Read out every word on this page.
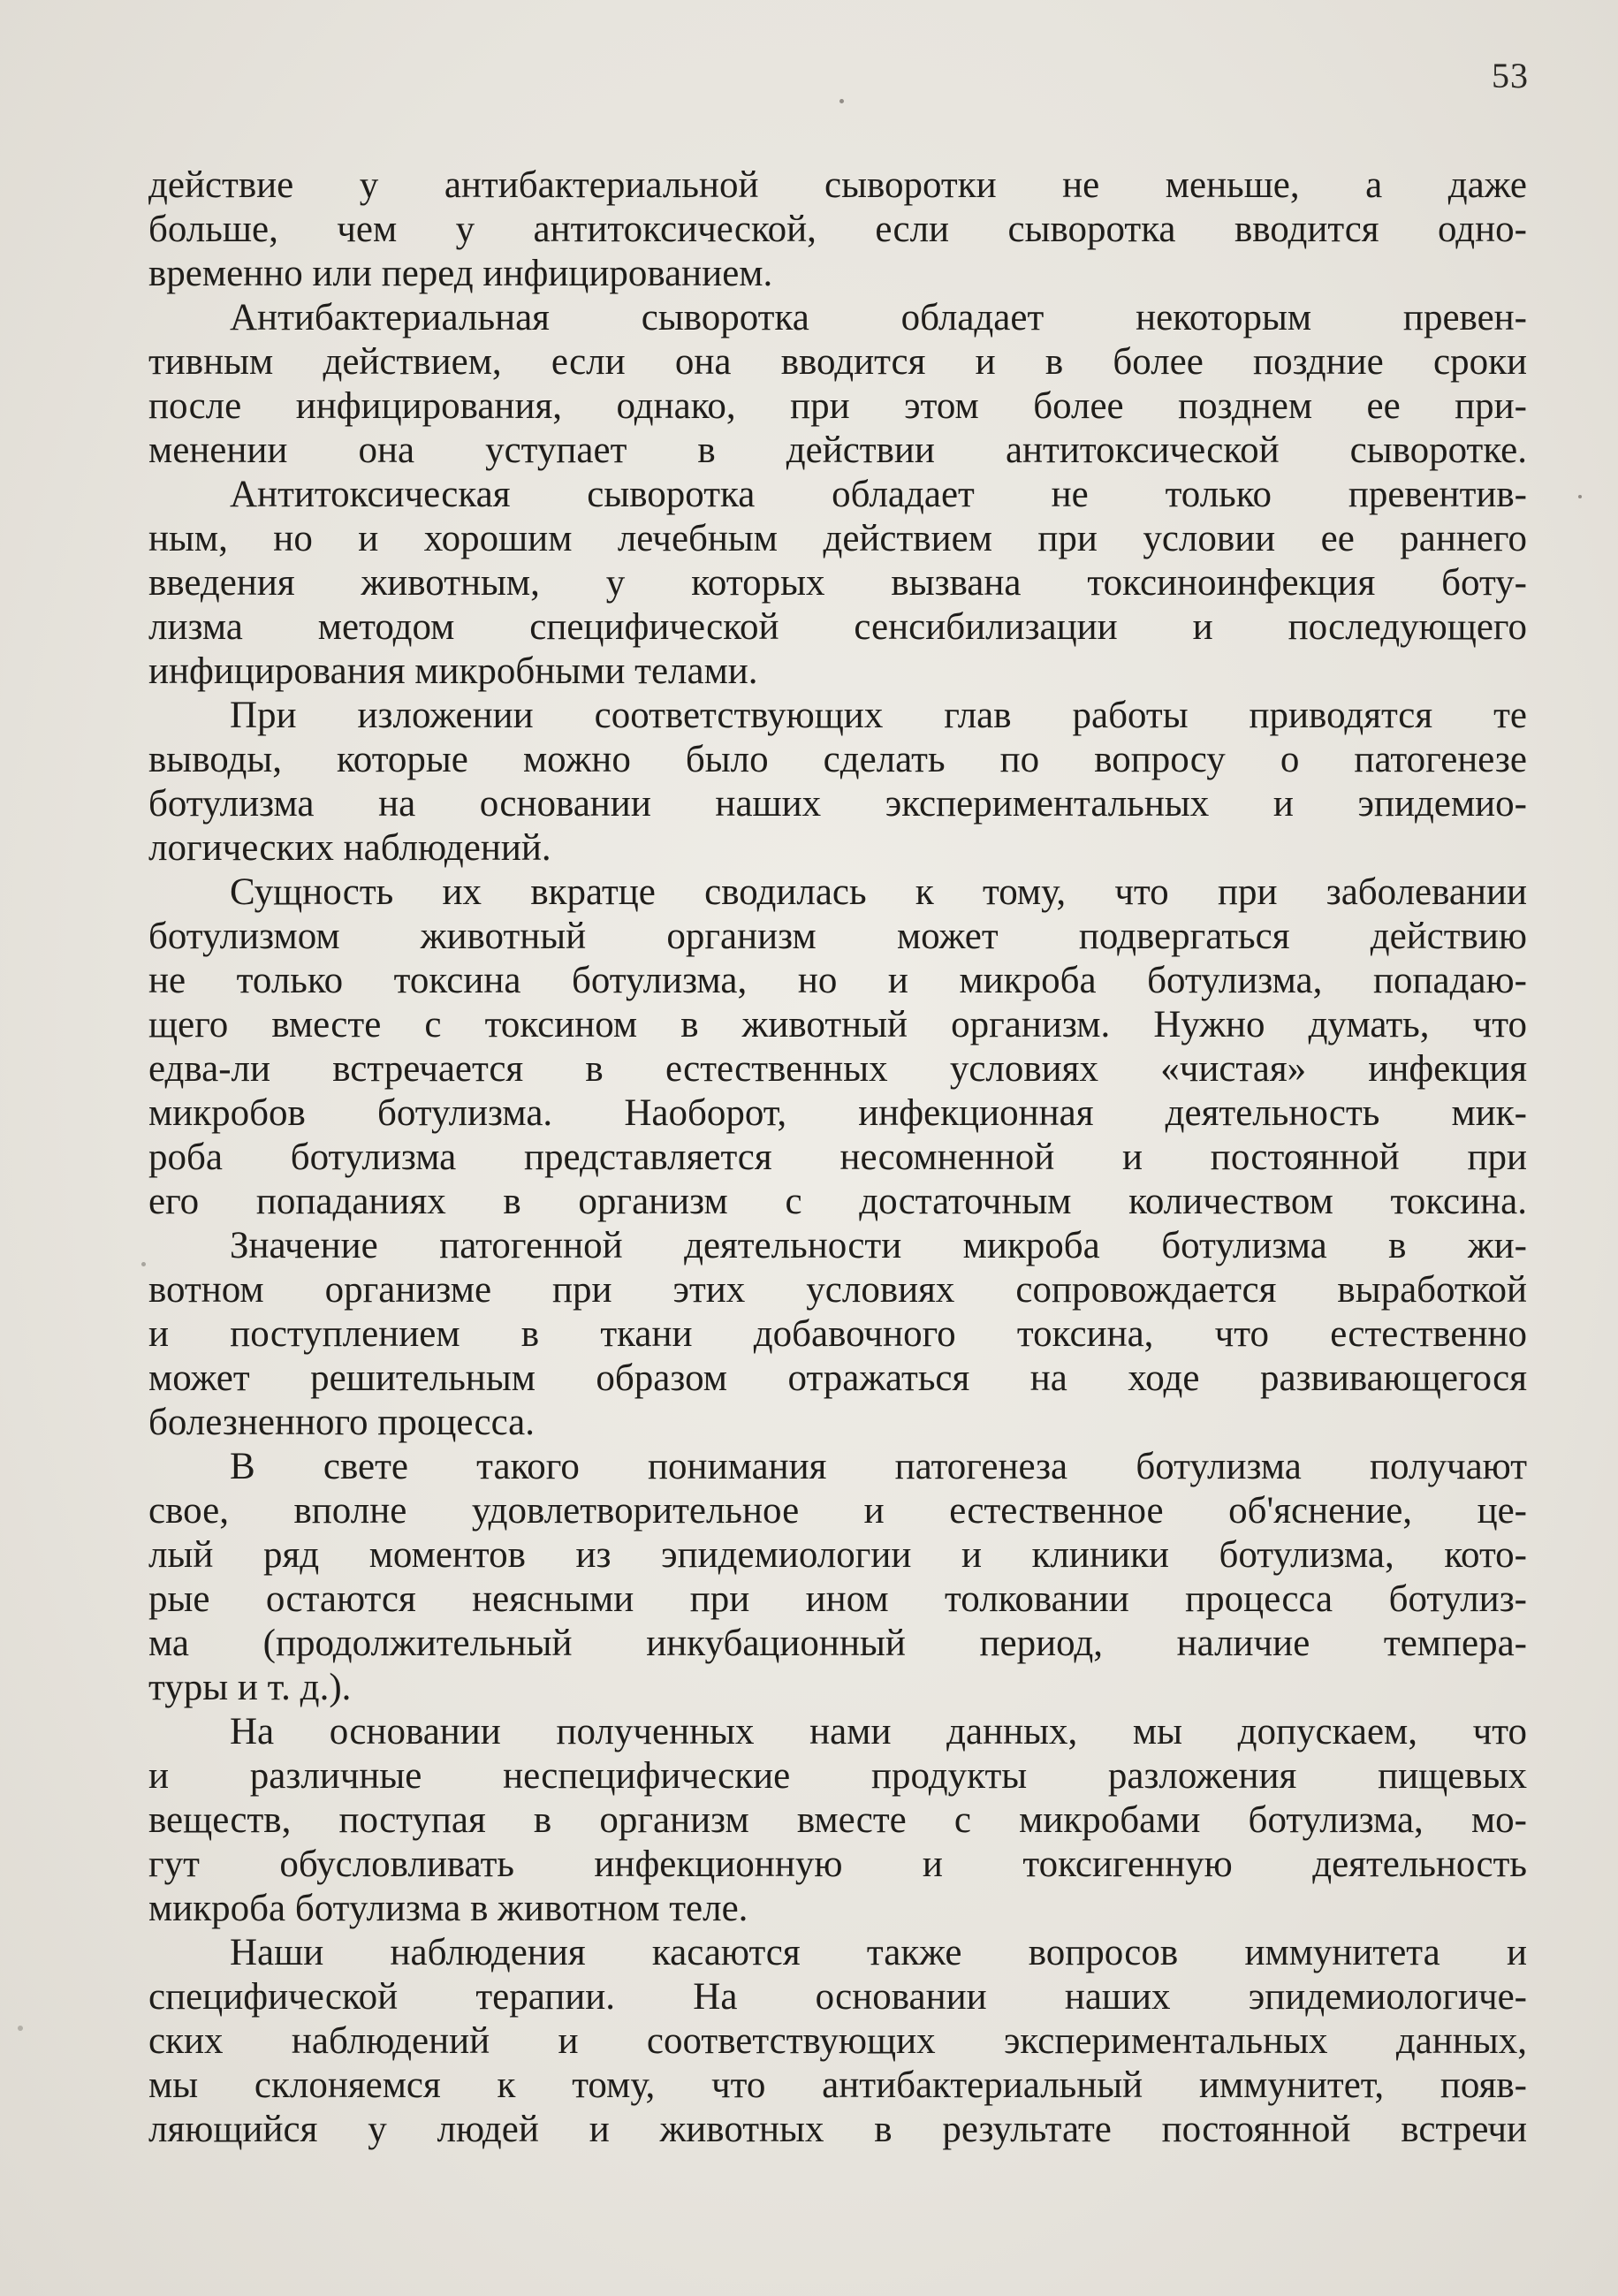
53
действие у антибактериальной сыворотки не меньше, а даже
больше, чем у антитоксической, если сыворотка вводится одно-
временно или перед инфицированием.
Антибактериальная сыворотка обладает некоторым превен-
тивным действием, если она вводится и в более поздние сроки
после инфицирования, однако, при этом более позднем ее при-
менении она уступает в действии антитоксической сыворотке.
Антитоксическая сыворотка обладает не только превентив-
ным, но и хорошим лечебным действием при условии ее раннего
введения животным, у которых вызвана токсиноинфекция боту-
лизма методом специфической сенсибилизации и последующего
инфицирования микробными телами.
При изложении соответствующих глав работы приводятся те
выводы, которые можно было сделать по вопросу о патогенезе
ботулизма на основании наших экспериментальных и эпидемио-
логических наблюдений.
Сущность их вкратце сводилась к тому, что при заболевании
ботулизмом животный организм может подвергаться действию
не только токсина ботулизма, но и микроба ботулизма, попадаю-
щего вместе с токсином в животный организм. Нужно думать, что
едва-ли встречается в естественных условиях «чистая» инфекция
микробов ботулизма. Наоборот, инфекционная деятельность мик-
роба ботулизма представляется несомненной и постоянной при
его попаданиях в организм с достаточным количеством токсина.
Значение патогенной деятельности микроба ботулизма в жи-
вотном организме при этих условиях сопровождается выработкой
и поступлением в ткани добавочного токсина, что естественно
может решительным образом отражаться на ходе развивающегося
болезненного процесса.
В свете такого понимания патогенеза ботулизма получают
свое, вполне удовлетворительное и естественное об'яснение, це-
лый ряд моментов из эпидемиологии и клиники ботулизма, кото-
рые остаются неясными при ином толковании процесса ботулиз-
ма (продолжительный инкубационный период, наличие темпера-
туры и т. д.).
На основании полученных нами данных, мы допускаем, что
и различные неспецифические продукты разложения пищевых
веществ, поступая в организм вместе с микробами ботулизма, мо-
гут обусловливать инфекционную и токсигенную деятельность
микроба ботулизма в животном теле.
Наши наблюдения касаются также вопросов иммунитета и
специфической терапии. На основании наших эпидемиологиче-
ских наблюдений и соответствующих экспериментальных данных,
мы склоняемся к тому, что антибактериальный иммунитет, появ-
ляющийся у людей и животных в результате постоянной встречи
